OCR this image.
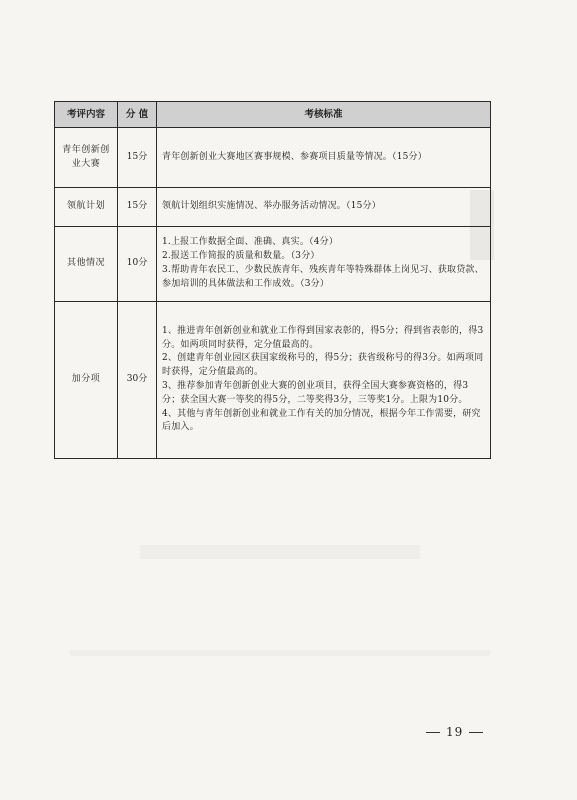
考评内容	分 值	考核标准
青年创新创业大赛	15分	青年创新创业大赛地区赛事规模、参赛项目质量等情况。（15分）

领航计划	15分	领航计划组织实施情况、举办服务活动情况。（15分）

其他情况	10分	1.上报工作数据全面、准确、真实。（4分）
2.报送工作简报的质量和数量。（3分）
3.帮助青年农民工、少数民族青年、残疾青年等特殊群体上岗见习、获取贷款、参加培训的具体做法和工作成效。（3分）

加分项	30分	1、推进青年创新创业和就业工作得到国家表彰的，得5分；得到省表彰的，得3分。如两项同时获得，定分值最高的。
2、创建青年创业园区获国家级称号的，得5分；获省级称号的得3分。如两项同时获得，定分值最高的。
3、推荐参加青年创新创业大赛的创业项目，获得全国大赛参赛资格的，得3分；获全国大赛一等奖的得5分，二等奖得3分，三等奖1分。上限为10分。
4、其他与青年创新创业和就业工作有关的加分情况，根据今年工作需要，研究后加入。
19
